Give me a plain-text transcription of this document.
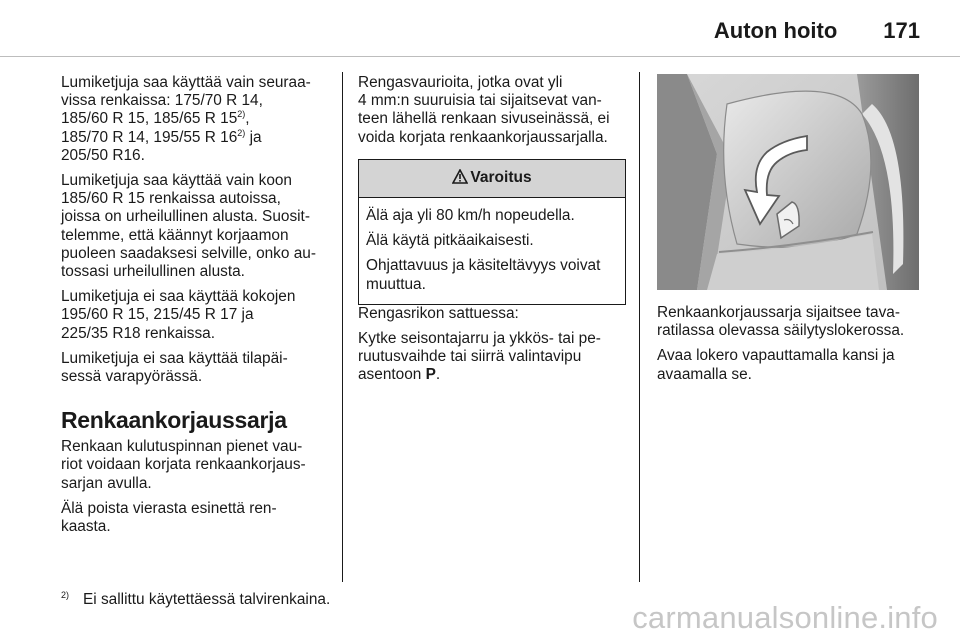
Auton hoito 171

Lumiketjuja saa käyttää vain seuraa-
vissa renkaissa: 175/70 R 14,
185/60 R 15, 185/65 R 15$^{2)}$,
185/70 R 14, 195/55 R 16$^{2)}$ ja
205/50 R16.

Lumiketjuja saa käyttää vain koon
185/60 R 15 renkaissa autoissa,
joissa on urheilullinen alusta. Suosit-
telemme, että käännyt korjaamon
puoleen saadaksesi selville, onko au-
tossasi urheilullinen alusta.

Lumiketjuja ei saa käyttää kokojen
195/60 R 15, 215/45 R 17 ja
225/35 R18 renkaissa.

Lumiketjuja ei saa käyttää tilapäi-
sessä varapyörässä.

Renkaankorjaussarja

Renkaan kulutuspinnan pienet vau-
riot voidaan korjata renkaankorjaus-
sarjan avulla.

Älä poista vierasta esinettä ren-
kaasta.

Rengasvaurioita, jotka ovat yli
4 mm:n suuruisia tai sijaitsevat van-
teen lähellä renkaan sivuseinässä, ei
voida korjata renkaankorjaussarjalla.

Varoitus

Älä aja yli 80 km/h nopeudella.

Älä käytä pitkäaikaisesti.

Ohjattavuus ja käsiteltävyys voivat
muuttua.

Rengasrikon sattuessa:

Kytke seisontajarru ja ykkös- tai pe-
ruutusvaihde tai siirrä valintavipu
asentoon P.

Renkaankorjaussarja sijaitsee tava-
ratilassa olevassa säilytyslokerossa.

Avaa lokero vapauttamalla kansi ja
avaamalla se.

$^{2)}$ Ei sallittu käytettäessä talvirenkaina.
carmanualsonline.info
